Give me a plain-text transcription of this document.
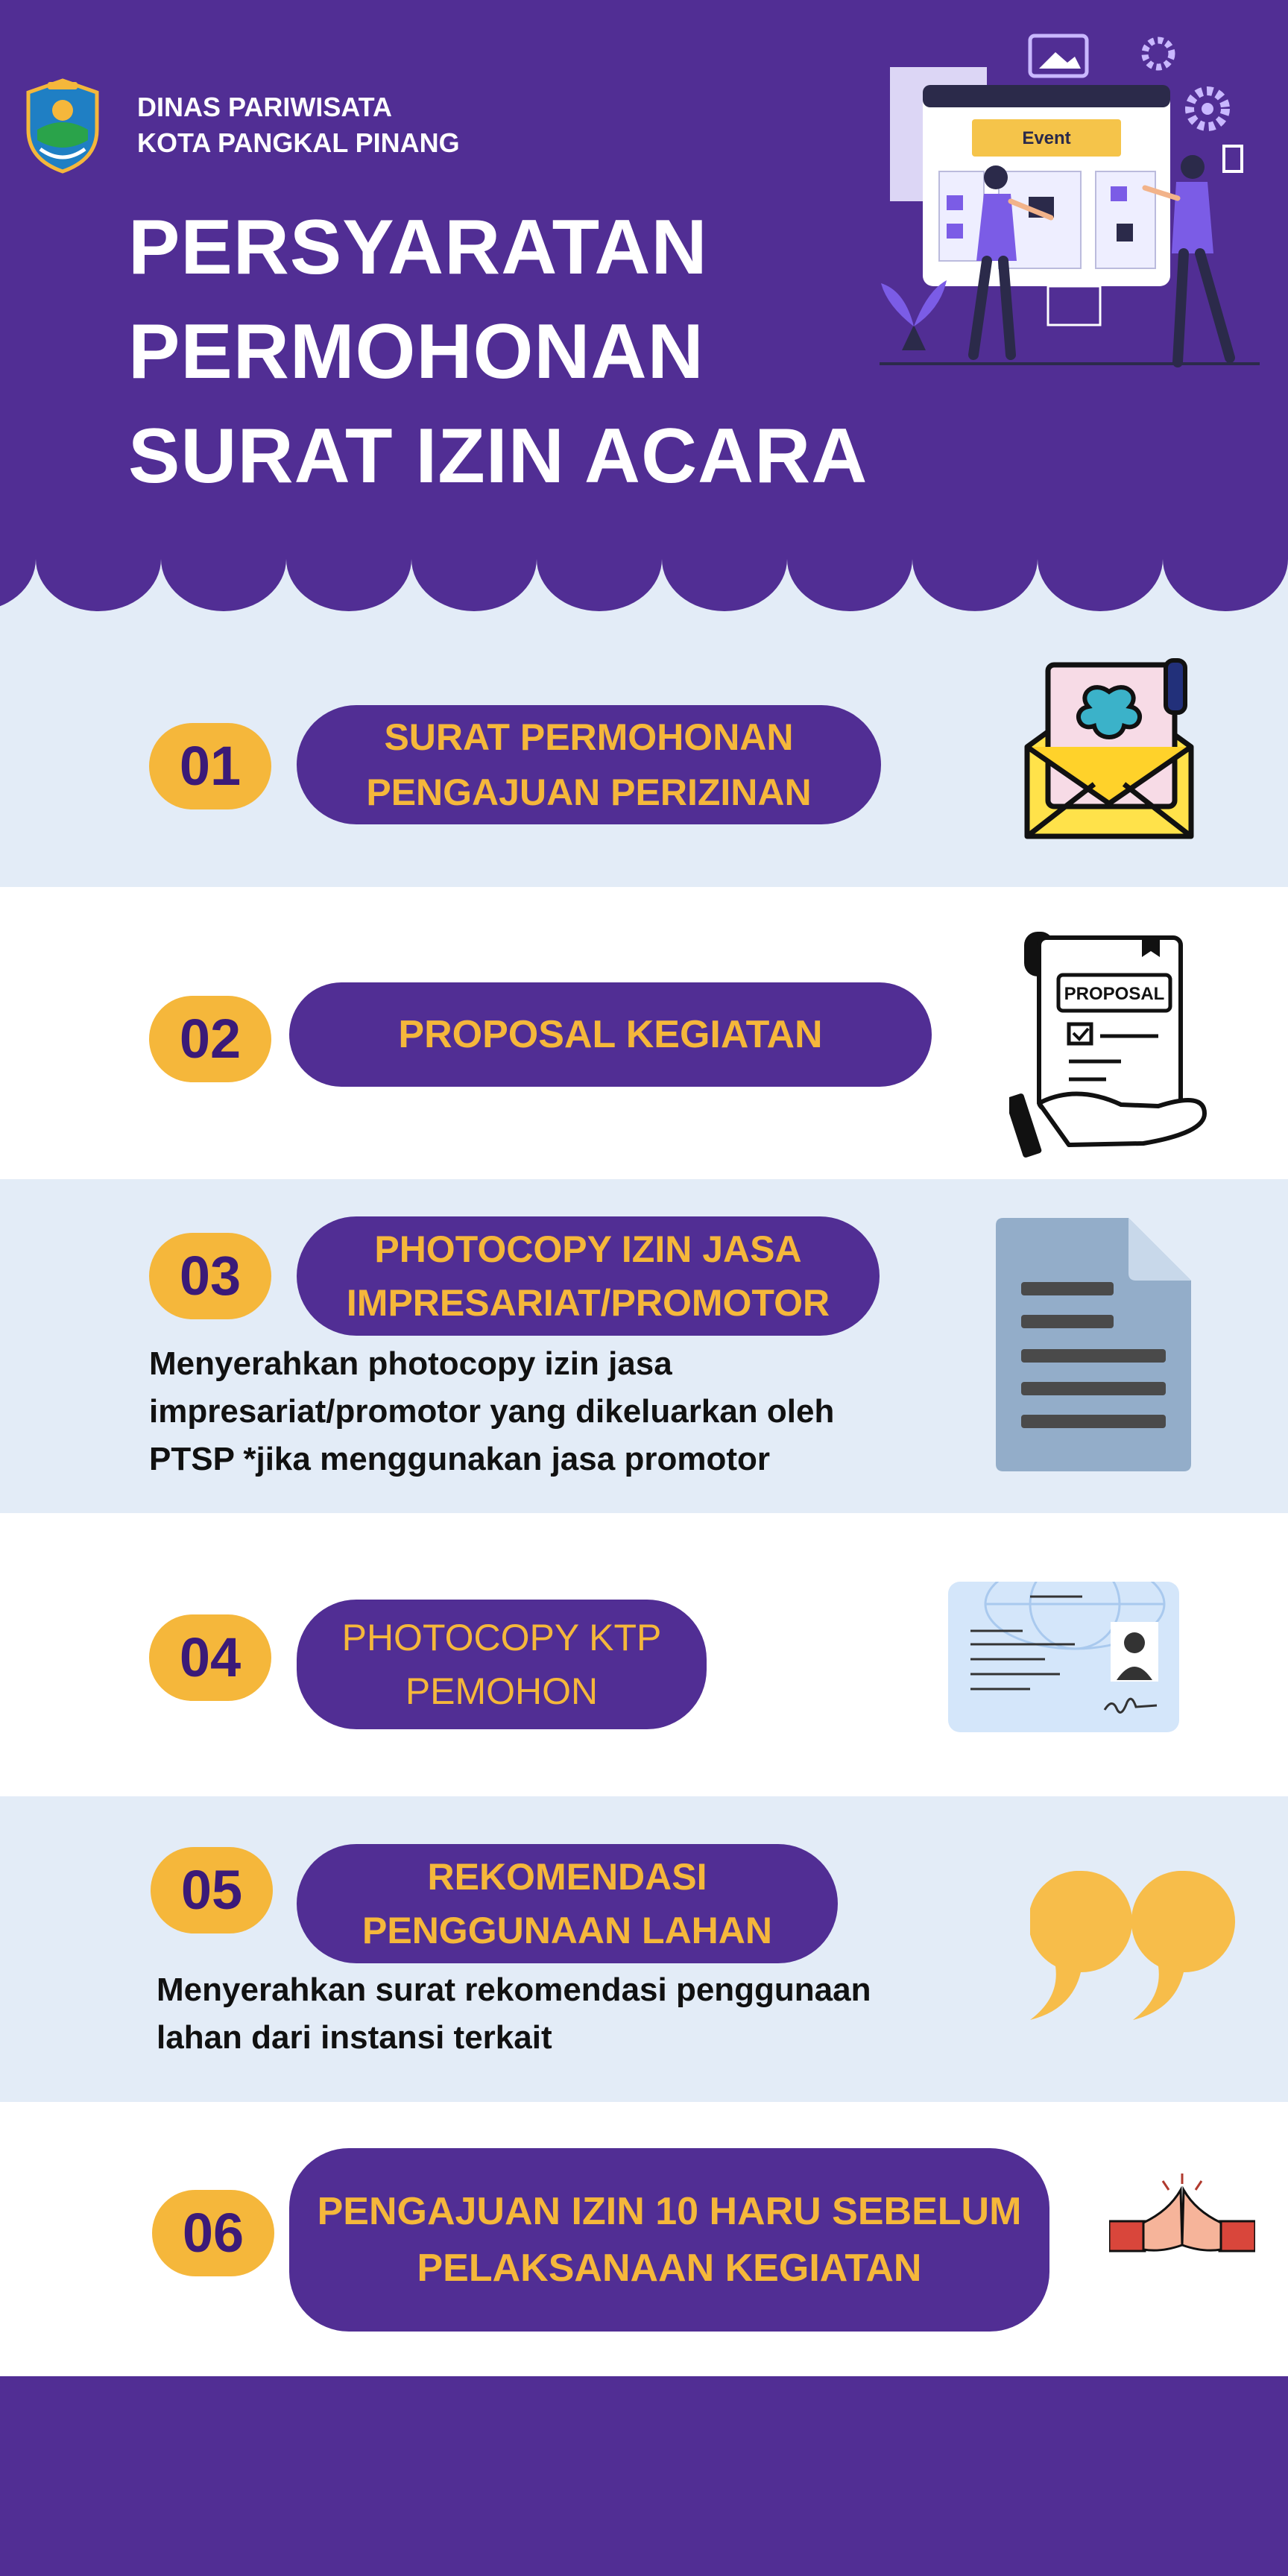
DINAS PARIWISATA
KOTA PANGKAL PINANG
PERSYARATAN
PERMOHONAN
SURAT IZIN ACARA
Event
01	SURAT PERMOHONAN
PENGAJUAN PERIZINAN
02	PROPOSAL KEGIATAN
PROPOSAL
03	PHOTOCOPY IZIN JASA
IMPRESARIAT/PROMOTOR
Menyerahkan photocopy izin jasa
impresariat/promotor yang dikeluarkan oleh
PTSP *jika menggunakan jasa promotor
04	PHOTOCOPY KTP
PEMOHON
05	REKOMENDASI
PENGGUNAAN LAHAN
Menyerahkan surat rekomendasi penggunaan
lahan dari instansi terkait
06	PENGAJUAN IZIN 10 HARU SEBELUM
PELAKSANAAN KEGIATAN
